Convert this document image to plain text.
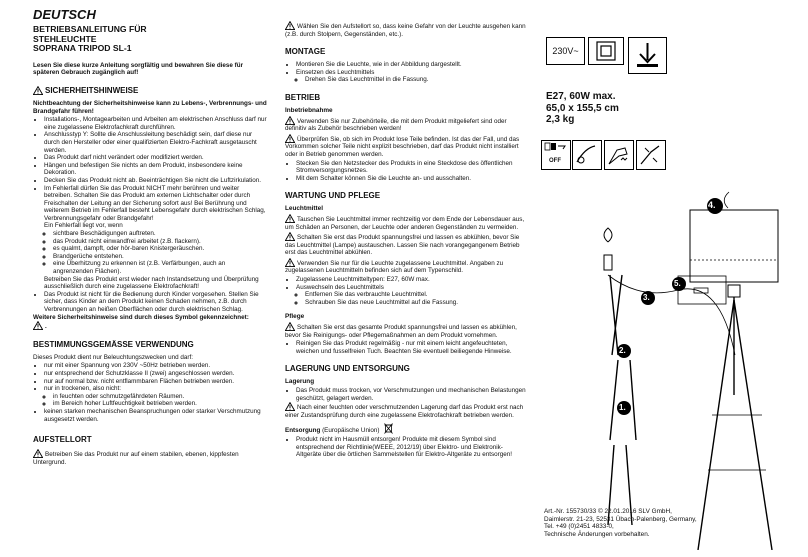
DEUTSCH
BETRIEBSANLEITUNG FÜR
STEHLEUCHTE
SOPRANA TRIPOD SL-1

Lesen Sie diese kurze Anleitung sorgfältig und bewahren Sie diese für späteren Gebrauch zugänglich auf!

SICHERHEITSHINWEISE

Nichtbeachtung der Sicherheitshinweise kann zu Lebens-, Verbrennungs- und Brandgefahr führen!

• Installations-, Montagearbeiten und Arbeiten am elektrischen Anschluss darf nur eine zugelassene Elektrofachkraft durchführen.
• Anschlusstyp Y: Sollte die Anschlussleitung beschädigt sein, darf diese nur durch den Hersteller oder einer qualifizierten Elektro-Fachkraft ausgetauscht werden.
• Das Produkt darf nicht verändert oder modifiziert werden.
• Hängen und befestigen Sie nichts an dem Produkt, insbesondere keine Dekoration.
• Decken Sie das Produkt nicht ab. Beeinträchtigen Sie nicht die Luftzirkulation.
• Im Fehlerfall dürfen Sie das Produkt NICHT mehr berühren und weiter betreiben. Schalten Sie das Produkt am externen Lichtschalter oder durch Freischalten der Leitung an der Sicherung sofort aus! Bei Berührung und weiterem Betrieb im Fehlerfall besteht Lebensgefahr durch elektrischen Schlag, Verbrennungsgefahr oder Brandgefahr!
Ein Fehlerfall liegt vor, wenn
◦ sichtbare Beschädigungen auftreten.
◦ das Produkt nicht einwandfrei arbeitet (z.B. flackern).
◦ es qualmt, dampft, oder hör-baren Knistergeräuschen.
◦ Brandgerüche entstehen.
◦ eine Überhitzung zu erkennen ist (z.B. Verfärbungen, auch an angrenzenden Flächen).
Betreiben Sie das Produkt erst wieder nach Instandsetzung und Überprüfung ausschließlich durch eine zugelassene Elektrofachkraft!
• Das Produkt ist nicht für die Bedienung durch Kinder vorgesehen. Stellen Sie sicher, dass Kinder an dem Produkt keinen Schaden nehmen, z.B. durch Verbrennungen an heißen Oberflächen oder durch elektrischen Schlag.

Weitere Sicherheitshinweise sind durch dieses Symbol gekennzeichnet:
.

BESTIMMUNGSGEMÄSSE VERWENDUNG

Dieses Produkt dient nur Beleuchtungszwecken und darf:

• nur mit einer Spannung von 230V ~50Hz betrieben werden.
• nur entsprechend der Schutzklasse II (zwei) angeschlossen werden.
• nur auf normal bzw. nicht entflammbaren Flächen betrieben werden.
• nur in trockenen, also nicht:
◦ in feuchten oder schmutzgefährdeten Räumen.
◦ im Bereich hoher Luftfeuchtigkeit betrieben werden.
• keinen starken mechanischen Beanspruchungen oder starker Verschmutzung ausgesetzt werden.
AUFSTELLORT

Betreiben Sie das Produkt nur auf einem stabilen, ebenen, kippfesten Untergrund.

Wählen Sie den Aufstellort so, dass keine Gefahr von der Leuchte ausgehen kann (z.B. durch Stolpern, Gegenständen, etc.).

MONTAGE
• Montieren Sie die Leuchte, wie in der Abbildung dargestellt.
• Einsetzen des Leuchtmittels
◦ Drehen Sie das Leuchtmittel in die Fassung.
BETRIEB
Inbetriebnahme

Verwenden Sie nur Zubehörteile, die mit dem Produkt mitgeliefert sind oder definitiv als Zubehör beschrieben werden!

Überprüfen Sie, ob sich im Produkt lose Teile befinden. Ist das der Fall, und das Vorkommen solcher Teile nicht explizit beschrieben, darf das Produkt nicht installiert oder in Betrieb genommen werden.

• Stecken Sie den Netzstecker des Produkts in eine Steckdose des öffentlichen Stromversorgungsnetzes.
• Mit dem Schalter können Sie die Leuchte an- und ausschalten.
WARTUNG UND PFLEGE
Leuchtmittel

Tauschen Sie Leuchtmittel immer rechtzeitig vor dem Ende der Lebensdauer aus, um Schäden an Personen, der Leuchte oder anderen Gegenständen zu vermeiden.

Schalten Sie erst das Produkt spannungsfrei und lassen es abkühlen, bevor Sie das Leuchtmittel (Lampe) austauschen. Lassen Sie nach vorangegangenem Betrieb erst das Leuchtmittel abkühlen.

Verwenden Sie nur für die Leuchte zugelassene Leuchtmittel. Angaben zu zugelassenen Leuchtmitteln befinden sich auf dem Typenschild.

• Zugelassene Leuchtmitteltypen: E27, 60W max.
• Auswechseln des Leuchtmittels
◦ Entfernen Sie das verbrauchte Leuchtmittel.
◦ Schrauben Sie das neue Leuchtmittel auf die Fassung.
Pflege

Schalten Sie erst das gesamte Produkt spannungsfrei und lassen es abkühlen, bevor Sie Reinigungs- oder Pflegemaßnahmen an dem Produkt vornehmen.

• Reinigen Sie das Produkt regelmäßig - nur mit einem leicht angefeuchteten, weichen und fusselfreien Tuch. Beachten Sie eventuell beiliegende Hinweise.
LAGERUNG UND ENTSORGUNG
Lagerung
• Das Produkt muss trocken, vor Verschmutzungen und mechanischen Belastungen geschützt, gelagert werden.

Nach einer feuchten oder verschmutzenden Lagerung darf das Produkt erst nach einer Zustandsprüfung durch eine zugelassene Elektrofachkraft betrieben werden.

Entsorgung (Europäische Union)

• Produkt nicht im Hausmüll entsorgen! Produkte mit diesem Symbol sind entsprechend der Richtlinie(WEEE, 2012/19) über Elektro- und Elektronik-Altgeräte über die örtlichen Sammelstellen für Elektro-Altgeräte zu entsorgen!
230V~
E27, 60W max.
65,0 x 155,5 cm
2,3 kg
OFF
4.
5.
3.
2.
1.
Art.-Nr. 155730/33 © 22.01.2016 SLV GmbH,
Daimlerstr. 21-23, 52531 Übach-Palenberg, Germany,
Tel. +49 (0)2451 4833-0,
Technische Änderungen vorbehalten.
